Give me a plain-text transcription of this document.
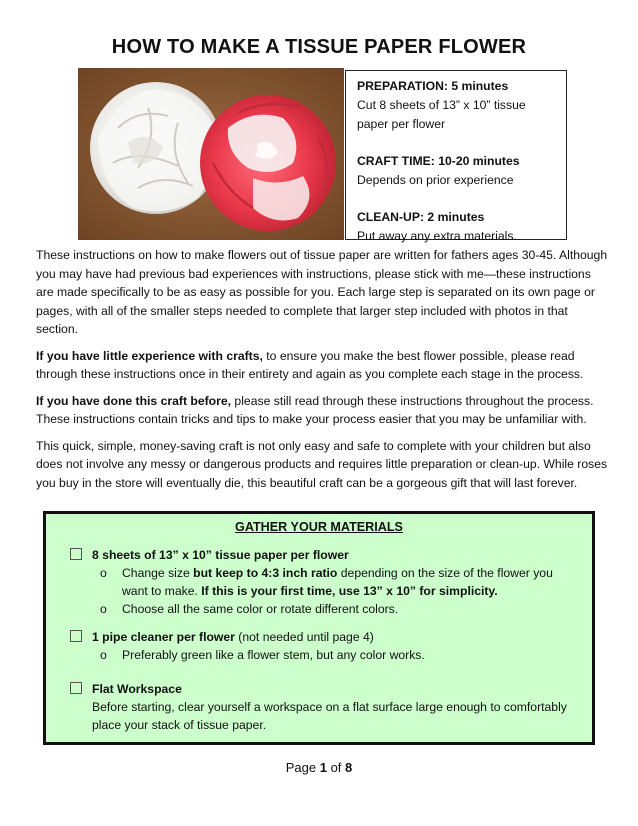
HOW TO MAKE A TISSUE PAPER FLOWER
PREPARATION: 5 minutes
Cut 8 sheets of 13” x 10” tissue
paper per flower
CRAFT TIME: 10-20 minutes
Depends on prior experience
CLEAN-UP: 2 minutes
Put away any extra materials.

These instructions on how to make flowers out of tissue paper are written for fathers ages 30-45. Although you may have had previous bad experiences with instructions, please stick with me—these instructions are made specifically to be as easy as possible for you. Each large step is separated on its own page or pages, with all of the smaller steps needed to complete that larger step included with photos in that section.

If you have little experience with crafts, to ensure you make the best flower possible, please read through these instructions once in their entirety and again as you complete each stage in the process.

If you have done this craft before, please still read through these instructions throughout the process. These instructions contain tricks and tips to make your process easier that you may be unfamiliar with.

This quick, simple, money-saving craft is not only easy and safe to complete with your children but also does not involve any messy or dangerous products and requires little preparation or clean-up. While roses you buy in the store will eventually die, this beautiful craft can be a gorgeous gift that will last forever.

GATHER YOUR MATERIALS
8 sheets of 13” x 10” tissue paper per flower
o Change size but keep to 4:3 inch ratio depending on the size of the flower you want to make. If this is your first time, use 13” x 10” for simplicity.
o Choose all the same color or rotate different colors.
1 pipe cleaner per flower (not needed until page 4)
o Preferably green like a flower stem, but any color works.
Flat Workspace
Before starting, clear yourself a workspace on a flat surface large enough to comfortably place your stack of tissue paper.
Page 1 of 8
